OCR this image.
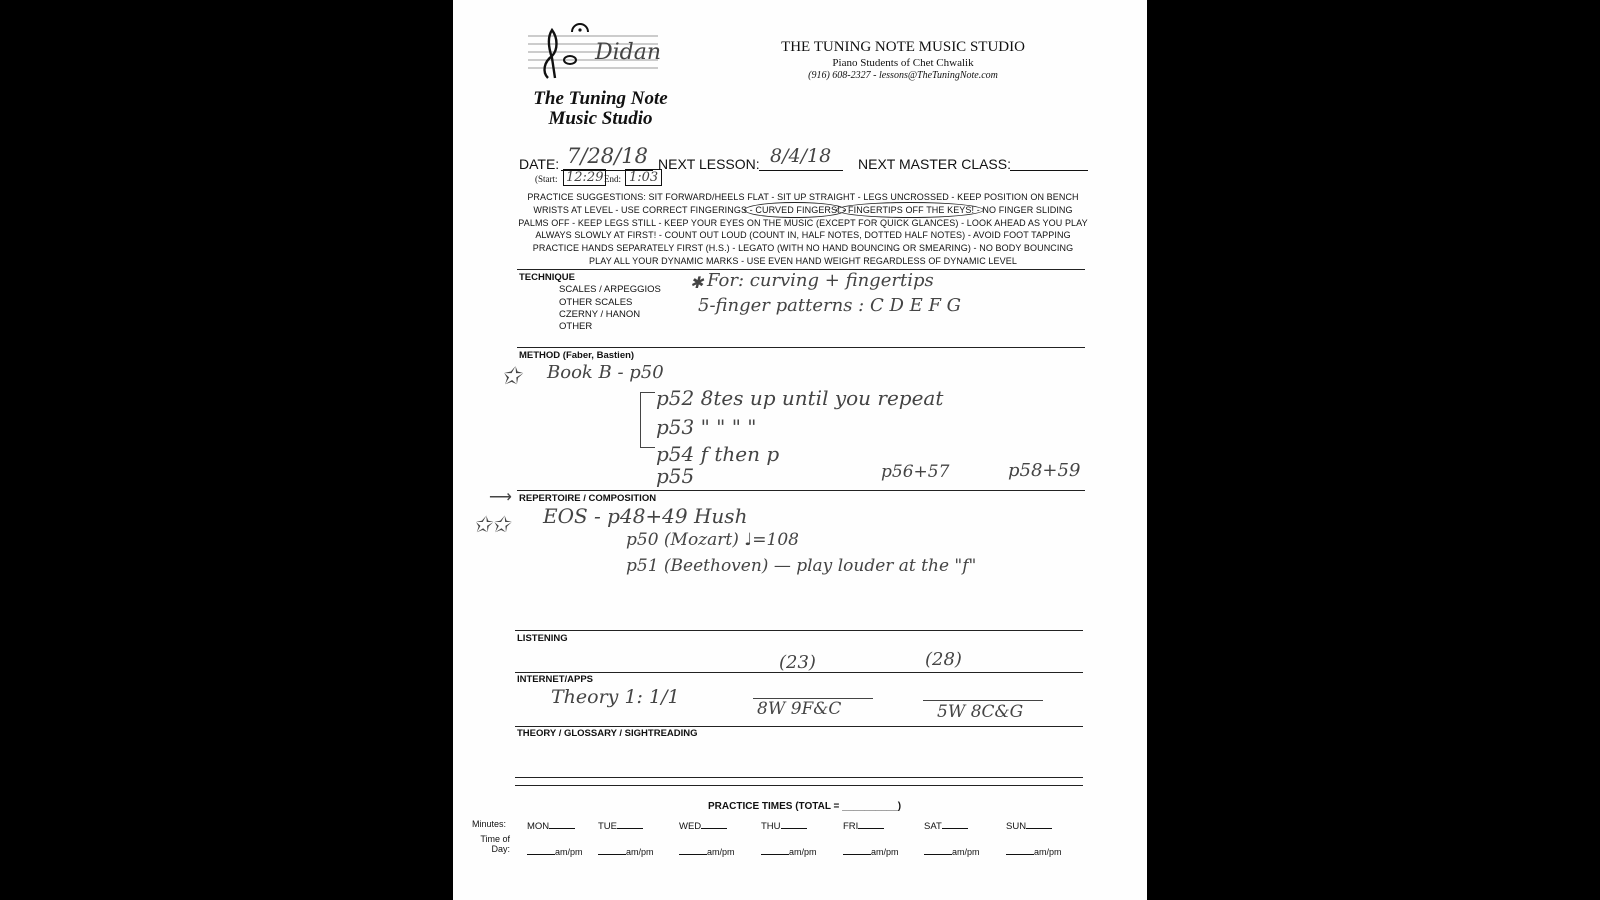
Didan
The Tuning Note
Music Studio
THE TUNING NOTE MUSIC STUDIO
Piano Students of Chet Chwalik
(916) 608-2327 - lessons@TheTuningNote.com
DATE: 7/28/18 NEXT LESSON: 8/4/18 NEXT MASTER CLASS:
(Start: 12:29 End: 1:03
PRACTICE SUGGESTIONS: SIT FORWARD/HEELS FLAT - SIT UP STRAIGHT - LEGS UNCROSSED - KEEP POSITION ON BENCH
WRISTS AT LEVEL - USE CORRECT FINGERINGS - CURVED FINGERS! - FINGERTIPS OFF THE KEYS! - NO FINGER SLIDING
PALMS OFF - KEEP LEGS STILL - KEEP YOUR EYES ON THE MUSIC (EXCEPT FOR QUICK GLANCES) - LOOK AHEAD AS YOU PLAY
ALWAYS SLOWLY AT FIRST! - COUNT OUT LOUD (COUNT IN, HALF NOTES, DOTTED HALF NOTES) - AVOID FOOT TAPPING
PRACTICE HANDS SEPARATELY FIRST (H.S.) - LEGATO (WITH NO HAND BOUNCING OR SMEARING) - NO BODY BOUNCING
PLAY ALL YOUR DYNAMIC MARKS - USE EVEN HAND WEIGHT REGARDLESS OF DYNAMIC LEVEL
TECHNIQUE
SCALES / ARPEGGIOS
OTHER SCALES
CZERNY / HANON
OTHER
✱ For: curving + fingertips
5-finger patterns : C D E F G
METHOD (Faber, Bastien)
✩ Book B - p50
p52 8tes up until you repeat
p53 " " " "
p54 f then p
p55	p56+57	p58+59
⟶ REPERTOIRE / COMPOSITION
✩✩ EOS - p48+49 Hush
p50 (Mozart) ♩=108
p51 (Beethoven) — play louder at the "f"
LISTENING
(23)	(28)
INTERNET/APPS
Theory 1: 1/1
8W 9F&C	5W 8C&G
THEORY / GLOSSARY / SIGHTREADING
PRACTICE TIMES (TOTAL = __________)
Minutes:
Time of Day:
MON	TUE	WED	THU	FRI	SAT	SUN
am/pm	am/pm	am/pm	am/pm	am/pm	am/pm	am/pm
